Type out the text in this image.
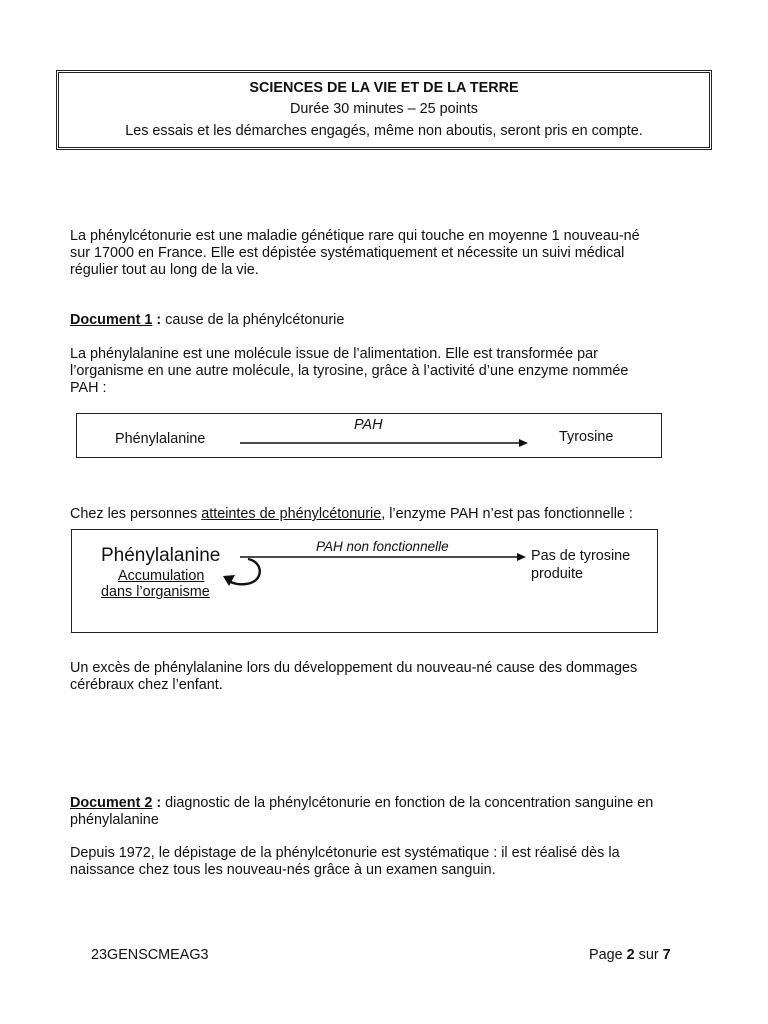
SCIENCES DE LA VIE ET DE LA TERRE
Durée 30 minutes – 25 points
Les essais et les démarches engagés, même non aboutis, seront pris en compte.
La phénylcétonurie est une maladie génétique rare qui touche en moyenne 1 nouveau-né
sur 17000 en France. Elle est dépistée systématiquement et nécessite un suivi médical
régulier tout au long de la vie.
Document 1 : cause de la phénylcétonurie
La phénylalanine est une molécule issue de l’alimentation. Elle est transformée par
l’organisme en une autre molécule, la tyrosine, grâce à l’activité d’une enzyme nommée
PAH :
Phénylalanine
PAH
Tyrosine
Chez les personnes atteintes de phénylcétonurie, l’enzyme PAH n’est pas fonctionnelle :
Phénylalanine	PAH non fonctionnelle
Accumulation
dans l’organisme
Pas de tyrosine
produite
Un excès de phénylalanine lors du développement du nouveau-né cause des dommages
cérébraux chez l’enfant.
Document 2 : diagnostic de la phénylcétonurie en fonction de la concentration sanguine en
phénylalanine
Depuis 1972, le dépistage de la phénylcétonurie est systématique : il est réalisé dès la
naissance chez tous les nouveau-nés grâce à un examen sanguin.
23GENSCMEAG3	Page 2 sur 7
